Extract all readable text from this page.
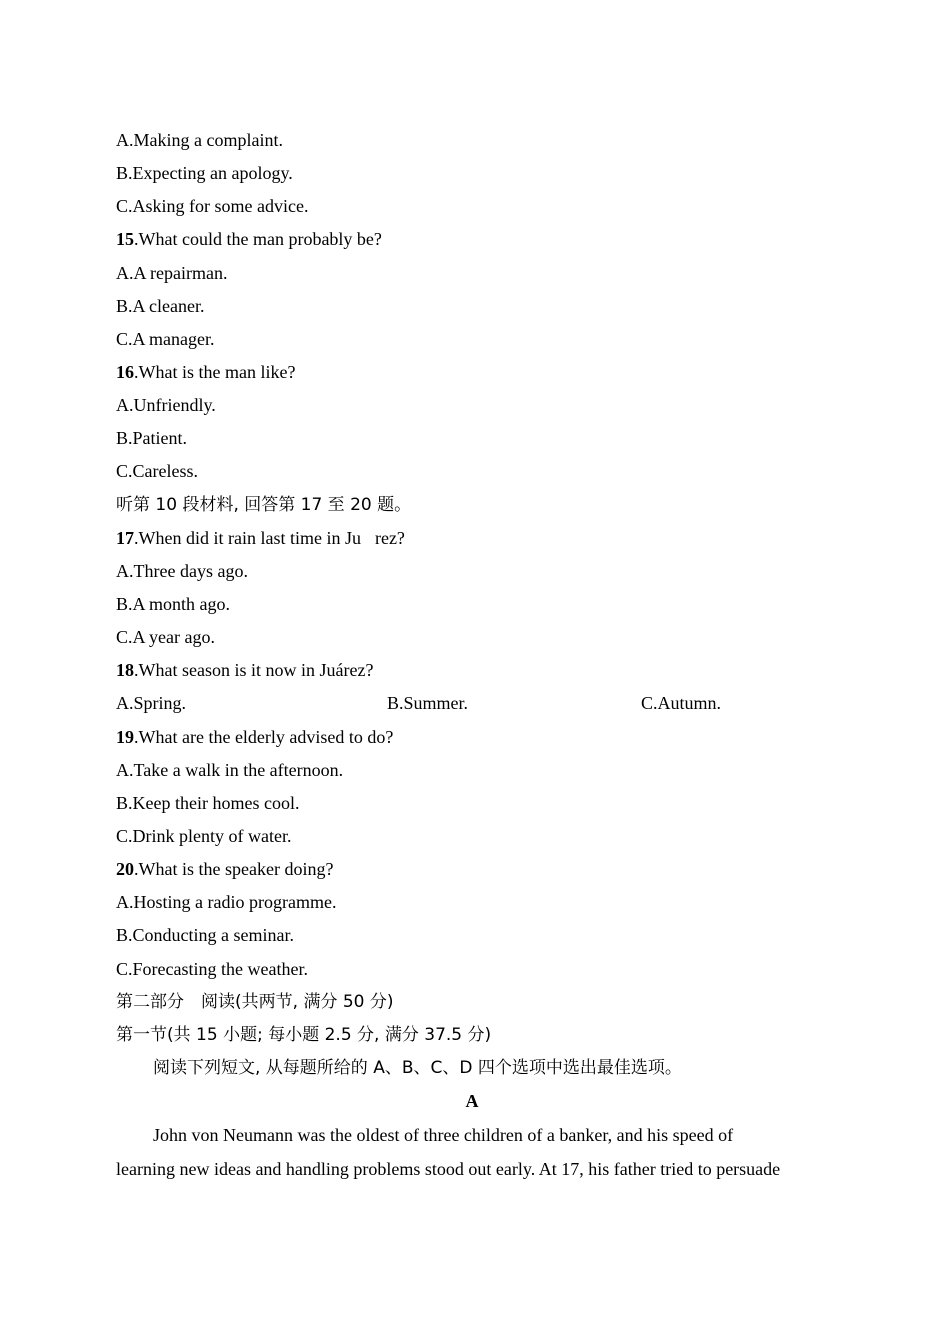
A.Making a complaint.
B.Expecting an apology.
C.Asking for some advice.
15.What could the man probably be?
A.A repairman.
B.A cleaner.
C.A manager.
16.What is the man like?
A.Unfriendly.
B.Patient.
C.Careless.
听第 10 段材料, 回答第 17 至 20 题。
17.When did it rain last time in Ju rez?
A.Three days ago.
B.A month ago.
C.A year ago.
18.What season is it now in Juárez?
A.Spring.	B.Summer.	C.Autumn.
19.What are the elderly advised to do?
A.Take a walk in the afternoon.
B.Keep their homes cool.
C.Drink plenty of water.
20.What is the speaker doing?
A.Hosting a radio programme.
B.Conducting a seminar.
C.Forecasting the weather.
第二部分　阅读(共两节, 满分 50 分)
第一节(共 15 小题; 每小题 2.5 分, 满分 37.5 分)
阅读下列短文, 从每题所给的 A、B、C、D 四个选项中选出最佳选项。
A

John von Neumann was the oldest of three children of a banker, and his speed of
learning new ideas and handling problems stood out early. At 17, his father tried to persuade
